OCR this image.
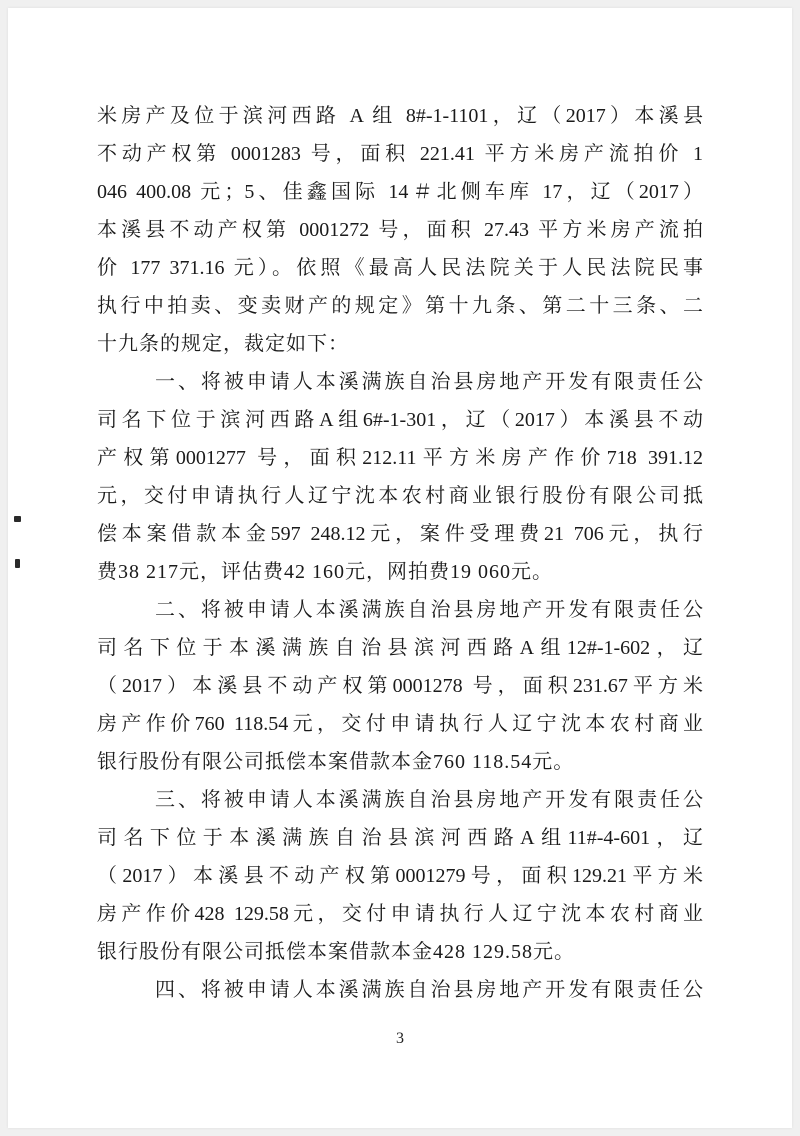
米房产及位于滨河西路 A 组 8#-1-1101，辽（2017）本溪县
不动产权第 0001283 号，面积 221.41 平方米房产流拍价 1
046 400.08 元；5、佳鑫国际 14＃北侧车库 17，辽（2017）
本溪县不动产权第 0001272 号，面积 27.43 平方米房产流拍
价 177 371.16 元）。依照《最高人民法院关于人民法院民事
执行中拍卖、变卖财产的规定》第十九条、第二十三条、二
十九条的规定，裁定如下：
一、将被申请人本溪满族自治县房地产开发有限责任公
司名下位于滨河西路A组6#-1-301，辽（2017）本溪县不动
产权第0001277 号，面积212.11平方米房产作价718 391.12
元，交付申请执行人辽宁沈本农村商业银行股份有限公司抵
偿本案借款本金597 248.12元，案件受理费21 706元，执行
费38 217元，评估费42 160元，网拍费19 060元。
二、将被申请人本溪满族自治县房地产开发有限责任公
司名下位于本溪满族自治县滨河西路A组12#-1-602，辽
（2017）本溪县不动产权第0001278 号，面积231.67平方米
房产作价760 118.54元，交付申请执行人辽宁沈本农村商业
银行股份有限公司抵偿本案借款本金760 118.54元。
三、将被申请人本溪满族自治县房地产开发有限责任公
司名下位于本溪满族自治县滨河西路A组11#-4-601，辽
（2017）本溪县不动产权第0001279号，面积129.21平方米
房产作价428 129.58元，交付申请执行人辽宁沈本农村商业
银行股份有限公司抵偿本案借款本金428 129.58元。
四、将被申请人本溪满族自治县房地产开发有限责任公
3
